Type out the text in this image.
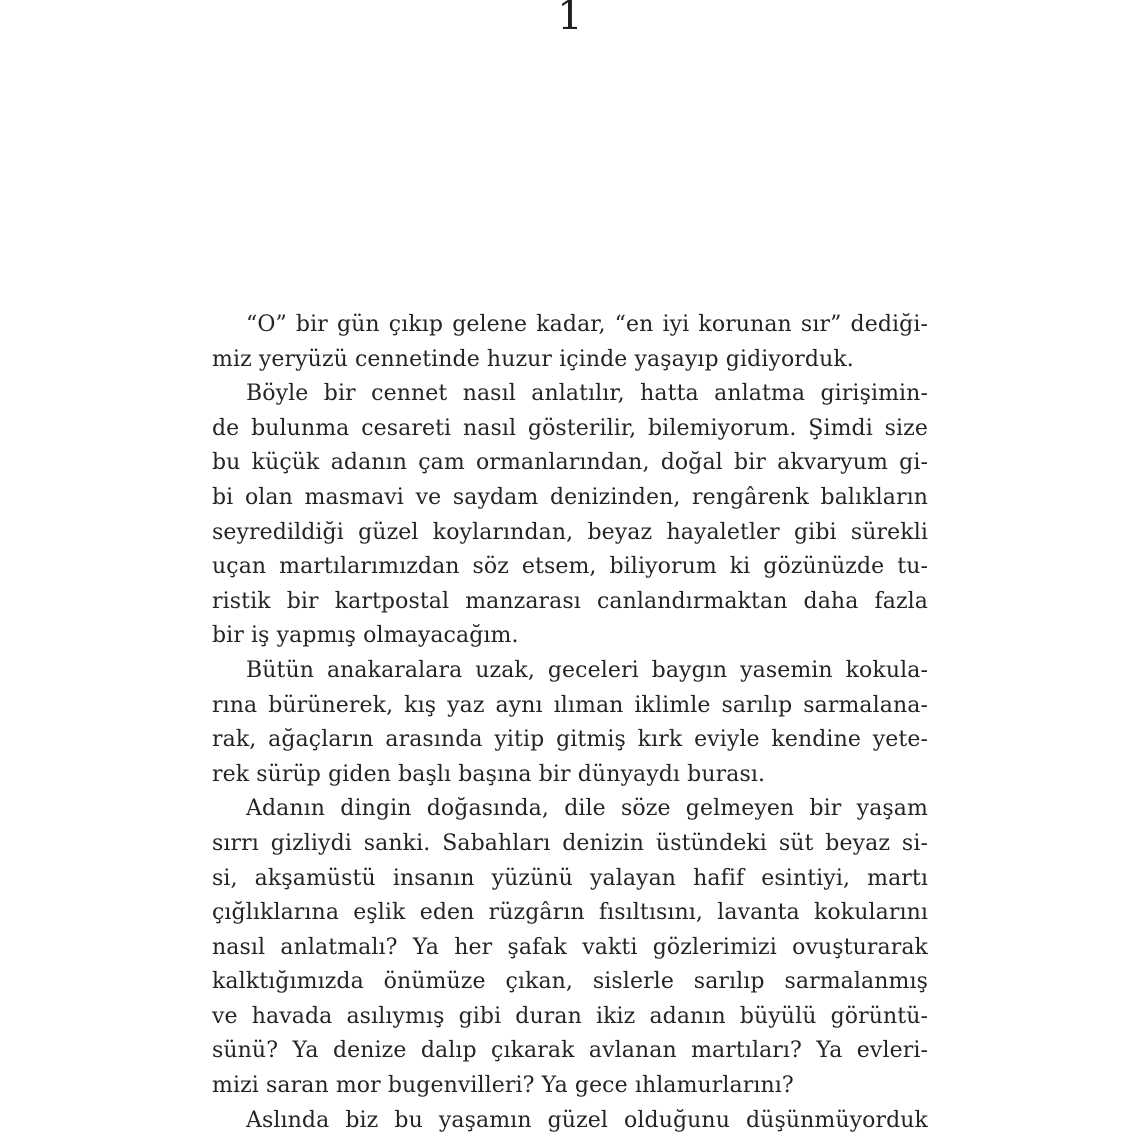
1
“O” bir gün çıkıp gelene kadar, “en iyi korunan sır” dediği-
miz yeryüzü cennetinde huzur içinde yaşayıp gidiyorduk.
Böyle bir cennet nasıl anlatılır, hatta anlatma girişimin-
de bulunma cesareti nasıl gösterilir, bilemiyorum. Şimdi size
bu küçük adanın çam ormanlarından, doğal bir akvaryum gi-
bi olan masmavi ve saydam denizinden, rengârenk balıkların
seyredildiği güzel koylarından, beyaz hayaletler gibi sürekli
uçan martılarımızdan söz etsem, biliyorum ki gözünüzde tu-
ristik bir kartpostal manzarası canlandırmaktan daha fazla
bir iş yapmış olmayacağım.
Bütün anakaralara uzak, geceleri baygın yasemin kokula-
rına bürünerek, kış yaz aynı ılıman iklimle sarılıp sarmalana-
rak, ağaçların arasında yitip gitmiş kırk eviyle kendine yete-
rek sürüp giden başlı başına bir dünyaydı burası.
Adanın dingin doğasında, dile söze gelmeyen bir yaşam
sırrı gizliydi sanki. Sabahları denizin üstündeki süt beyaz si-
si, akşamüstü insanın yüzünü yalayan hafif esintiyi, martı
çığlıklarına eşlik eden rüzgârın fısıltısını, lavanta kokularını
nasıl anlatmalı? Ya her şafak vakti gözlerimizi ovuşturarak
kalktığımızda önümüze çıkan, sislerle sarılıp sarmalanmış
ve havada asılıymış gibi duran ikiz adanın büyülü görüntü-
sünü? Ya denize dalıp çıkarak avlanan martıları? Ya evleri-
mizi saran mor bugenvilleri? Ya gece ıhlamurlarını?
Aslında biz bu yaşamın güzel olduğunu düşünmüyorduk
